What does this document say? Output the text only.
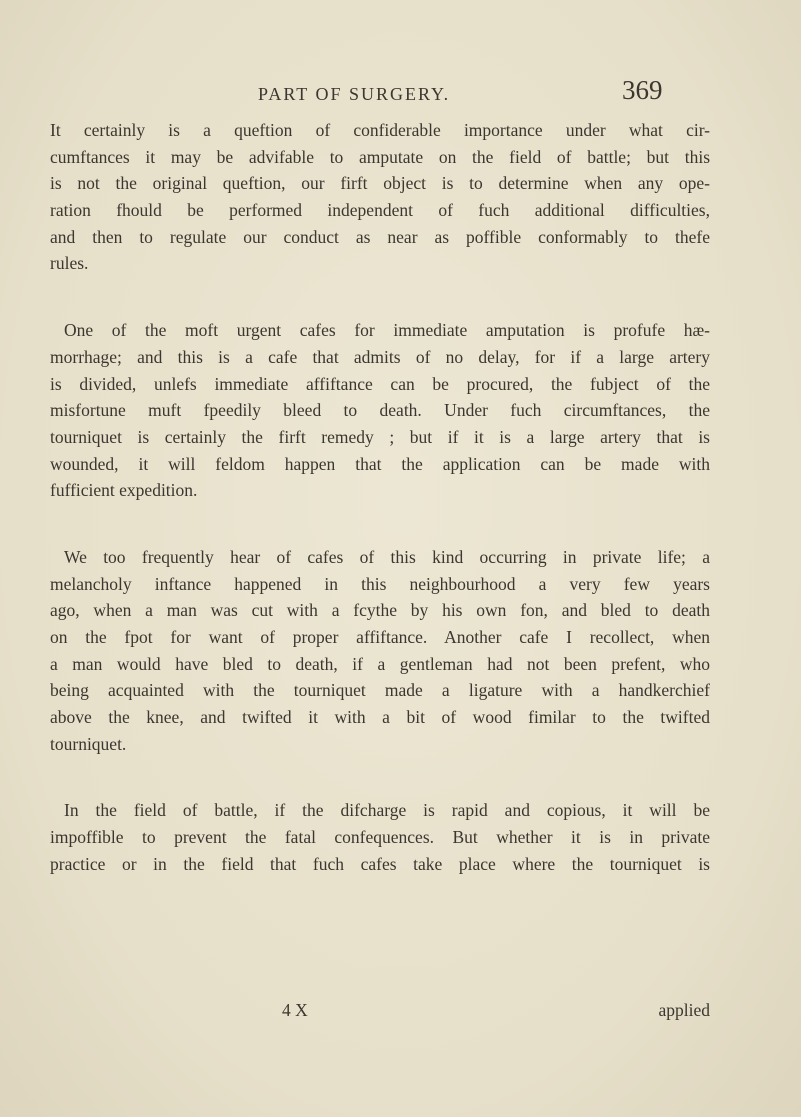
PART OF SURGERY.	369
It certainly is a queftion of confiderable importance under what cir-
cumftances it may be advifable to amputate on the field of battle; but this
is not the original queftion, our firft object is to determine when any ope-
ration fhould be performed independent of fuch additional difficulties,
and then to regulate our conduct as near as poffible conformably to thefe
rules.
One of the moft urgent cafes for immediate amputation is profufe hæ-
morrhage; and this is a cafe that admits of no delay, for if a large artery
is divided, unlefs immediate affiftance can be procured, the fubject of the
misfortune muft fpeedily bleed to death. Under fuch circumftances, the
tourniquet is certainly the firft remedy ; but if it is a large artery that is
wounded, it will feldom happen that the application can be made with
fufficient expedition.
We too frequently hear of cafes of this kind occurring in private life; a
melancholy inftance happened in this neighbourhood a very few years
ago, when a man was cut with a fcythe by his own fon, and bled to death
on the fpot for want of proper affiftance. Another cafe I recollect, when
a man would have bled to death, if a gentleman had not been prefent, who
being acquainted with the tourniquet made a ligature with a handkerchief
above the knee, and twifted it with a bit of wood fimilar to the twifted
tourniquet.
In the field of battle, if the difcharge is rapid and copious, it will be
impoffible to prevent the fatal confequences. But whether it is in private
practice or in the field that fuch cafes take place where the tourniquet is
4 X	applied
